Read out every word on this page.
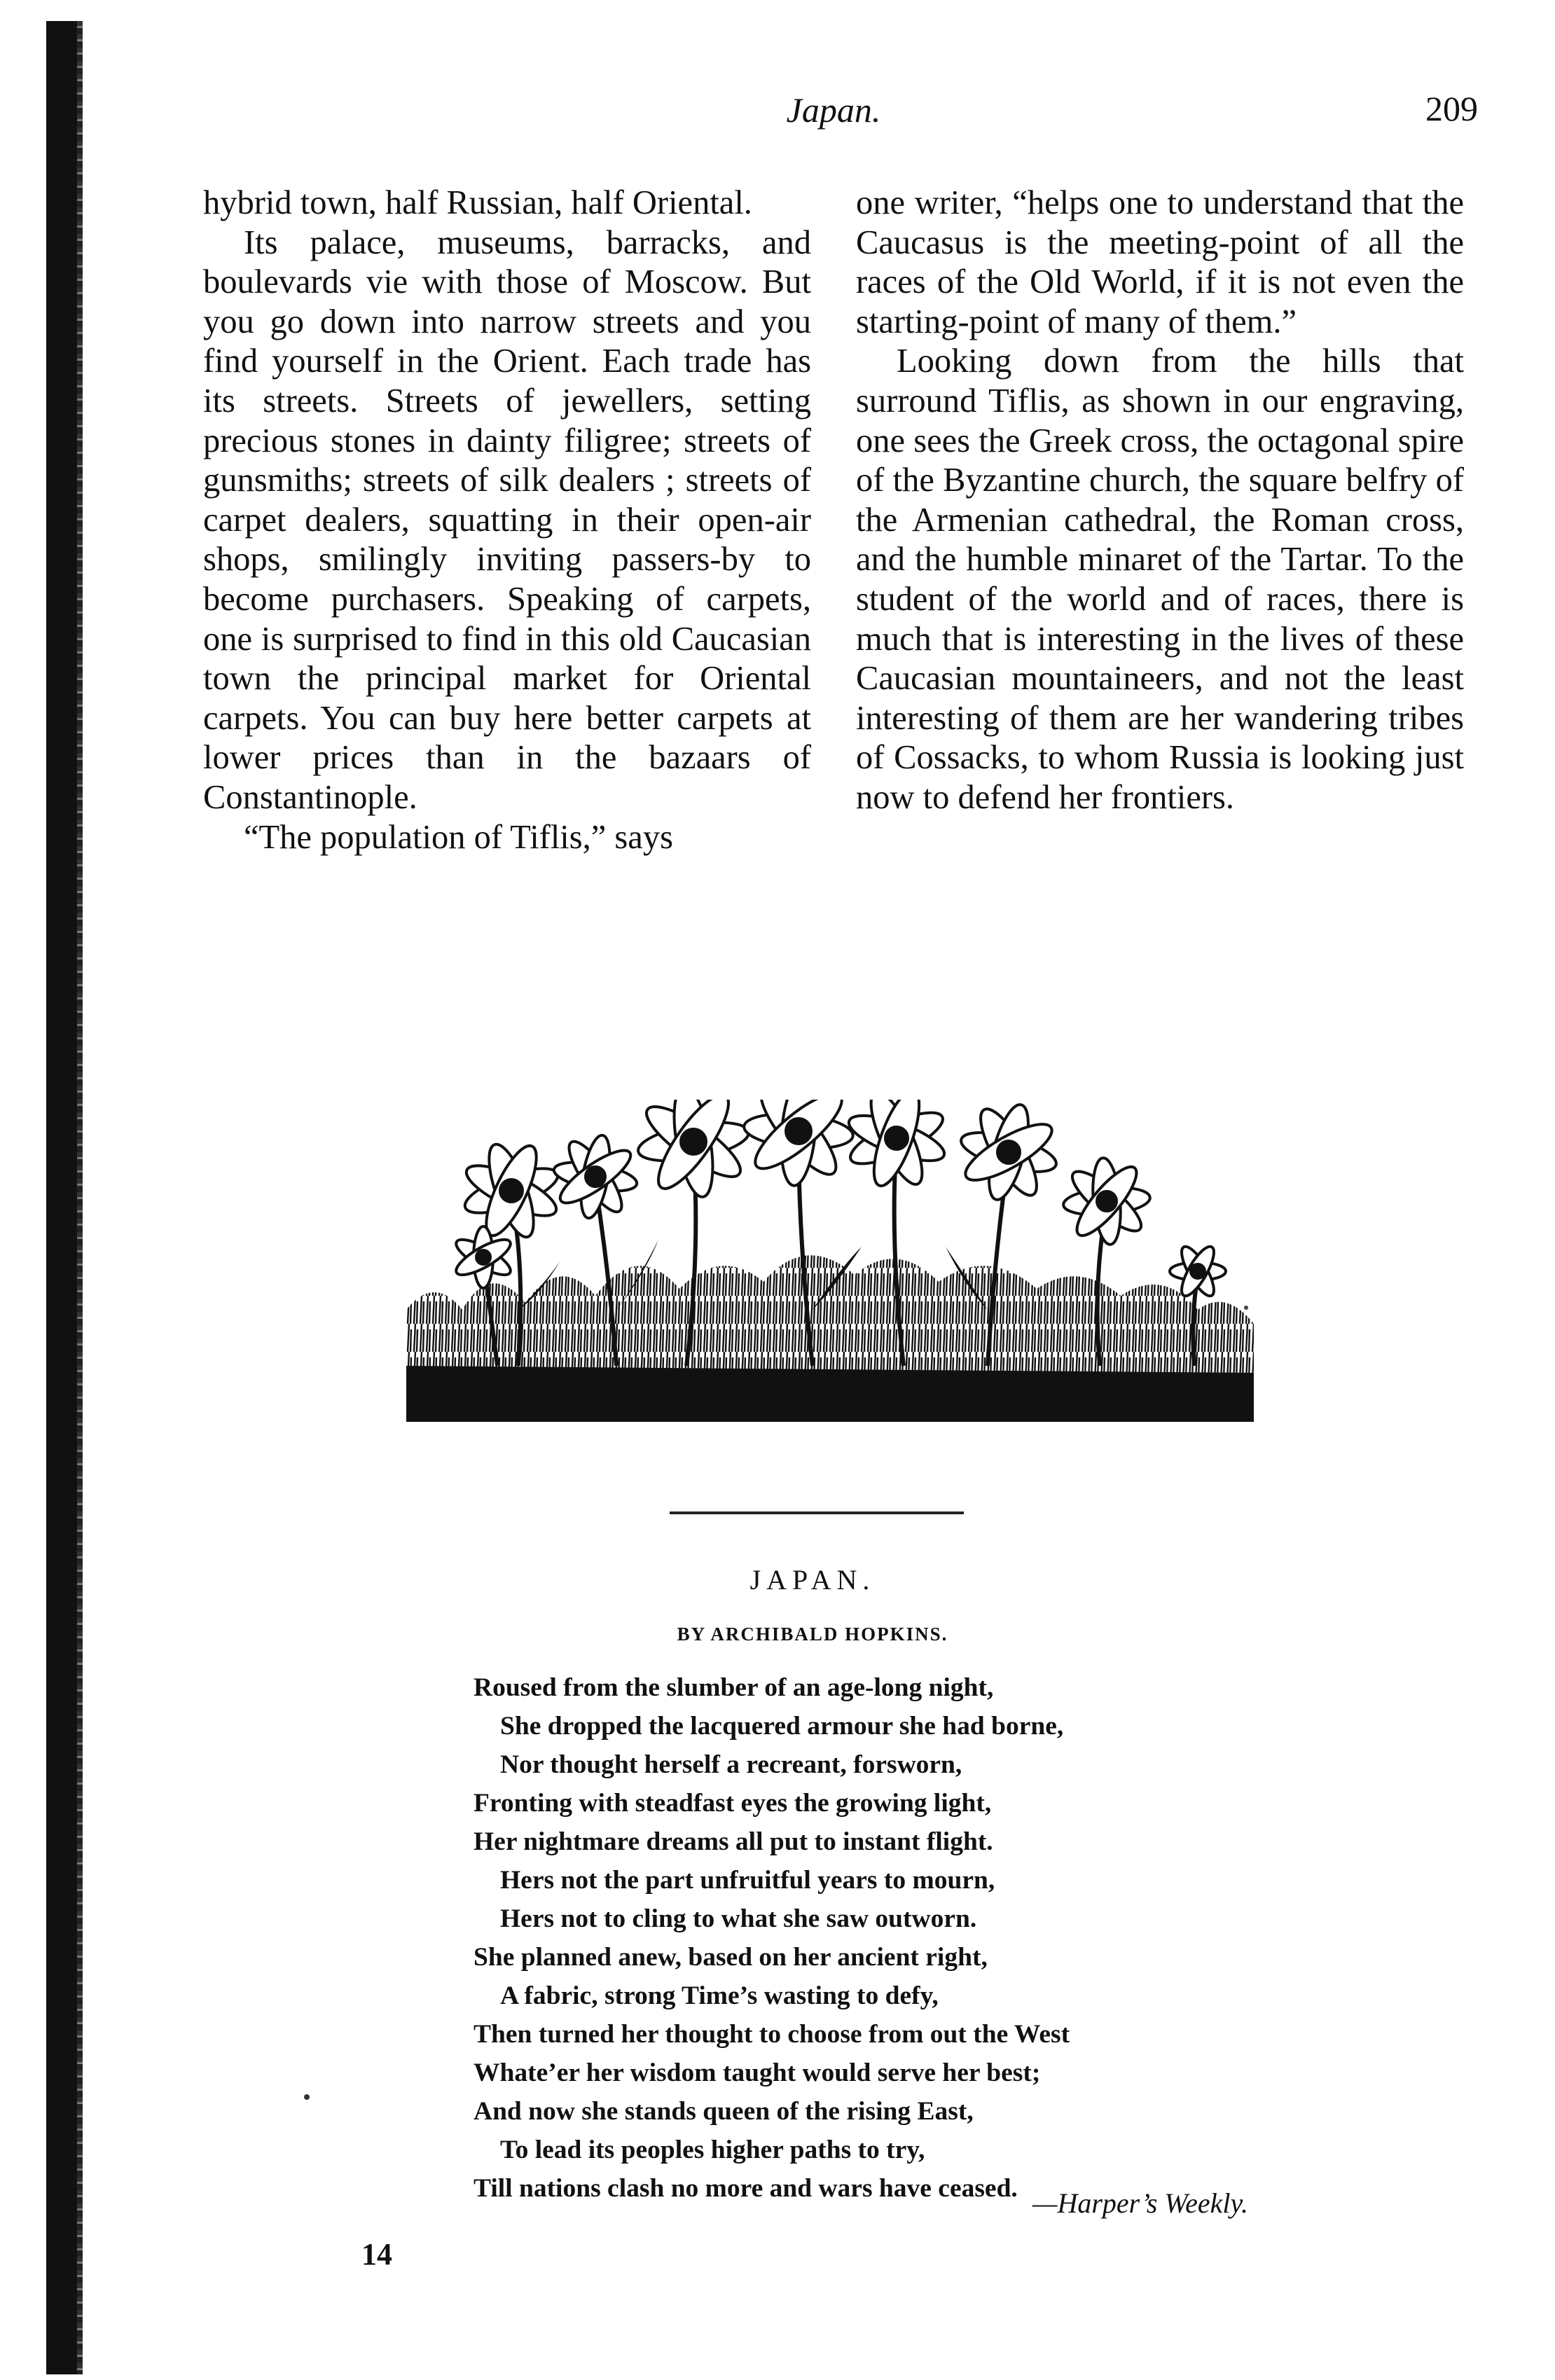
Japan.	209

hybrid town, half Russian, half Oriental.

Its palace, museums, barracks, and boulevards vie with those of Moscow. But you go down into narrow streets and you find yourself in the Orient. Each trade has its streets. Streets of jewellers, setting precious stones in dainty filigree; streets of gunsmiths; streets of silk dealers ; streets of carpet dealers, squatting in their open-air shops, smilingly inviting passers-by to become purchasers. Speaking of carpets, one is surprised to find in this old Caucasian town the principal market for Oriental carpets. You can buy here better carpets at lower prices than in the bazaars of Constantinople.

“The population of Tiflis,” says

one writer, “helps one to understand that the Caucasus is the meeting-point of all the races of the Old World, if it is not even the starting-point of many of them.”

Looking down from the hills that surround Tiflis, as shown in our engraving, one sees the Greek cross, the octagonal spire of the Byzantine church, the square belfry of the Armenian cathedral, the Roman cross, and the humble minaret of the Tartar. To the student of the world and of races, there is much that is interesting in the lives of these Caucasian mountaineers, and not the least interesting of them are her wandering tribes of Cossacks, to whom Russia is looking just now to defend her frontiers.

JAPAN.
BY ARCHIBALD HOPKINS.
Roused from the slumber of an age-long night,
She dropped the lacquered armour she had borne,
Nor thought herself a recreant, forsworn,
Fronting with steadfast eyes the growing light,
Her nightmare dreams all put to instant flight.
Hers not the part unfruitful years to mourn,
Hers not to cling to what she saw outworn.
She planned anew, based on her ancient right,
A fabric, strong Time’s wasting to defy,
Then turned her thought to choose from out the West
Whate’er her wisdom taught would serve her best;
And now she stands queen of the rising East,
To lead its peoples higher paths to try,
Till nations clash no more and wars have ceased. —Harper’s Weekly.
14
